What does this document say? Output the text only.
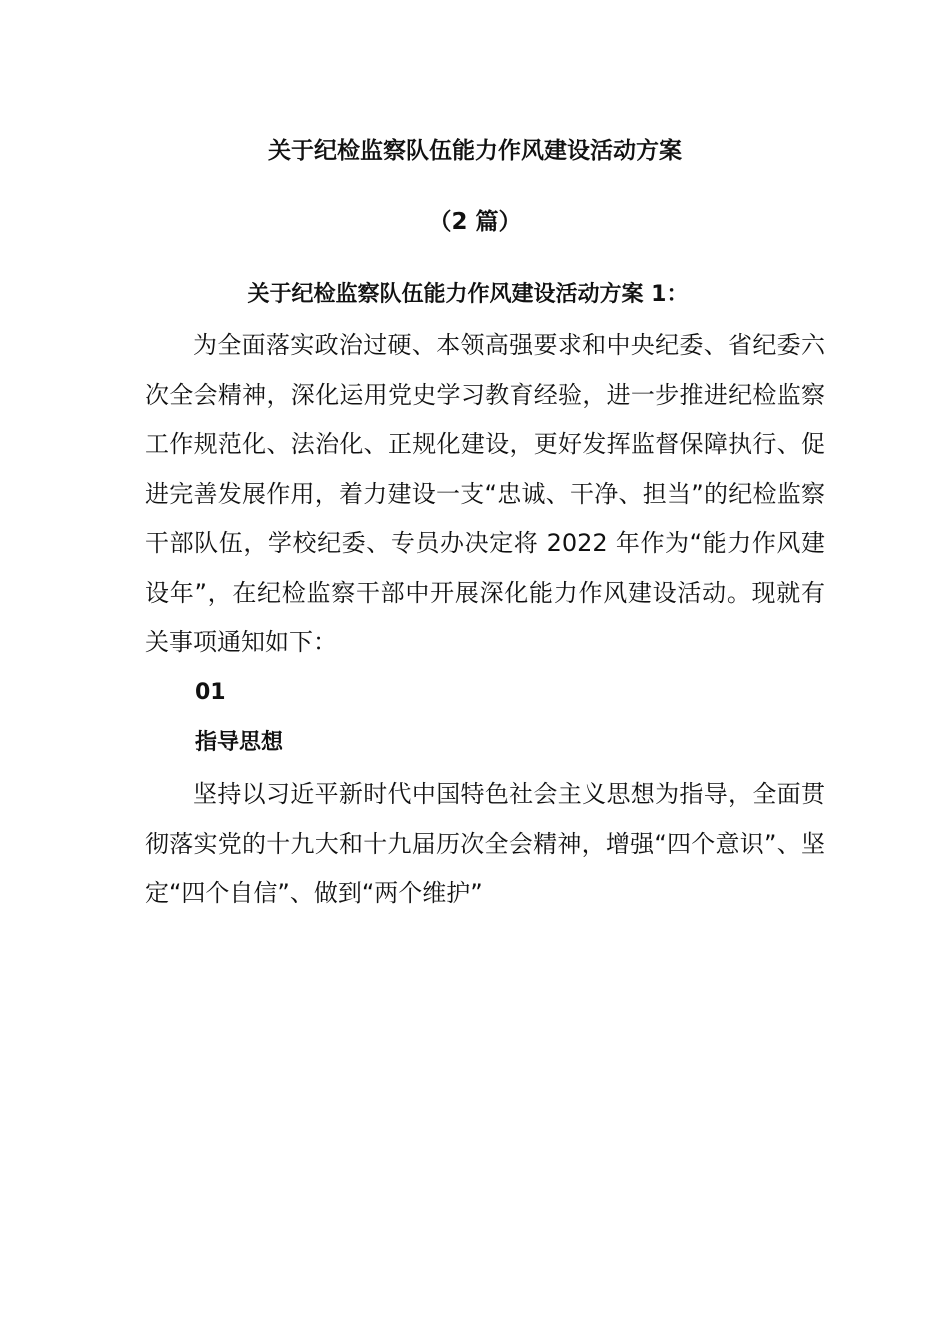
关于纪检监察队伍能力作风建设活动方案
（2 篇）
关于纪检监察队伍能力作风建设活动方案 1：

为全面落实政治过硬、本领高强要求和中央纪委、省纪委六次全会精神，深化运用党史学习教育经验，进一步推进纪检监察工作规范化、法治化、正规化建设，更好发挥监督保障执行、促进完善发展作用，着力建设一支“忠诚、干净、担当”的纪检监察干部队伍，学校纪委、专员办决定将 2022 年作为“能力作风建设年”，在纪检监察干部中开展深化能力作风建设活动。现就有关事项通知如下：

01
指导思想

坚持以习近平新时代中国特色社会主义思想为指导，全面贯彻落实党的十九大和十九届历次全会精神，增强“四个意识”、坚定“四个自信”、做到“两个维护”
